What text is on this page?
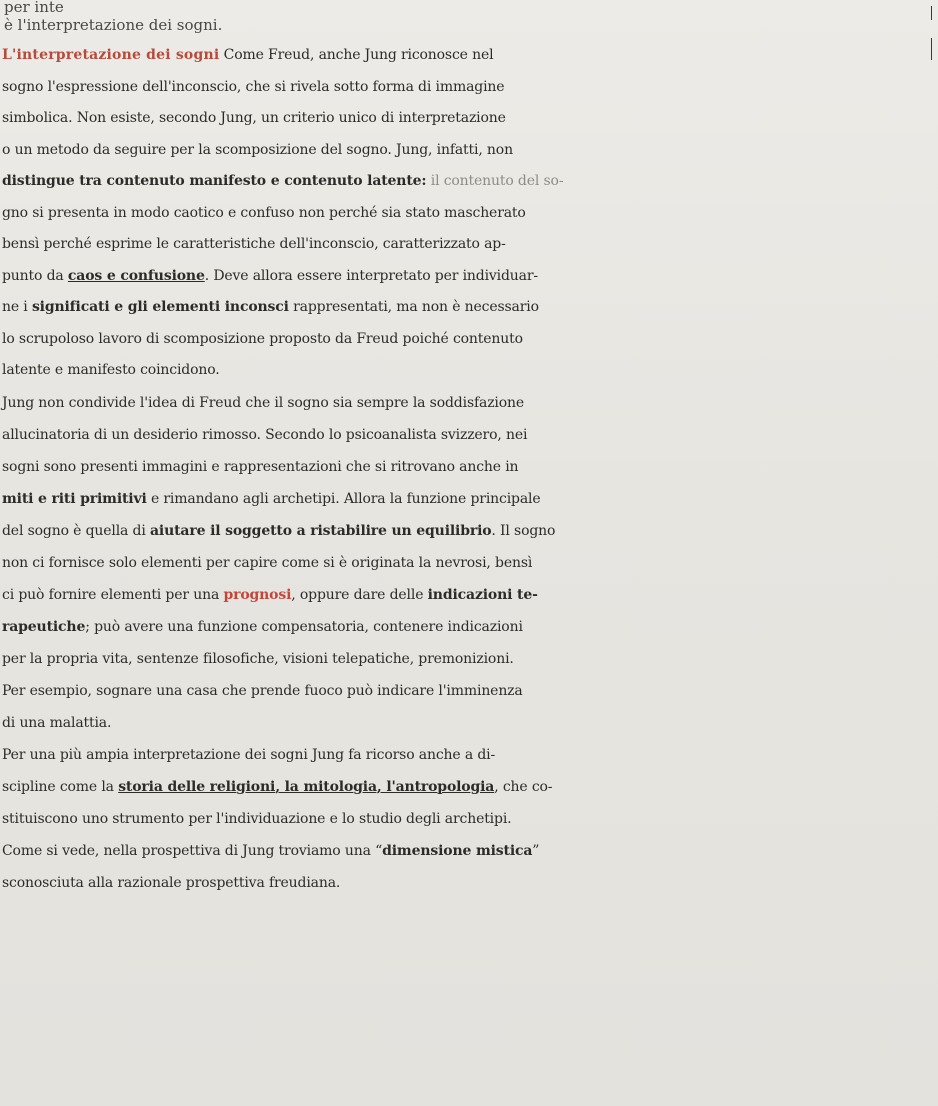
per inte
è l'interpretazione dei sogni.
L'interpretazione dei sogni Come Freud, anche Jung riconosce nel
sogno l'espressione dell'inconscio, che si rivela sotto forma di immagine
simbolica. Non esiste, secondo Jung, un criterio unico di interpretazione
o un metodo da seguire per la scomposizione del sogno. Jung, infatti, non
distingue tra contenuto manifesto e contenuto latente: il contenuto del so-
gno si presenta in modo caotico e confuso non perché sia stato mascherato
bensì perché esprime le caratteristiche dell'inconscio, caratterizzato ap-
punto da caos e confusione. Deve allora essere interpretato per individuar-
ne i significati e gli elementi inconsci rappresentati, ma non è necessario
lo scrupoloso lavoro di scomposizione proposto da Freud poiché contenuto
latente e manifesto coincidono.
Jung non condivide l'idea di Freud che il sogno sia sempre la soddisfazione
allucinatoria di un desiderio rimosso. Secondo lo psicoanalista svizzero, nei
sogni sono presenti immagini e rappresentazioni che si ritrovano anche in
miti e riti primitivi e rimandano agli archetipi. Allora la funzione principale
del sogno è quella di aiutare il soggetto a ristabilire un equilibrio. Il sogno
non ci fornisce solo elementi per capire come si è originata la nevrosi, bensì
ci può fornire elementi per una prognosi, oppure dare delle indicazioni te-
rapeutiche; può avere una funzione compensatoria, contenere indicazioni
per la propria vita, sentenze filosofiche, visioni telepatiche, premonizioni.
Per esempio, sognare una casa che prende fuoco può indicare l'imminenza
di una malattia.
Per una più ampia interpretazione dei sogni Jung fa ricorso anche a di-
scipline come la storia delle religioni, la mitologia, l'antropologia, che co-
stituiscono uno strumento per l'individuazione e lo studio degli archetipi.
Come si vede, nella prospettiva di Jung troviamo una “dimensione mistica”
sconosciuta alla razionale prospettiva freudiana.
